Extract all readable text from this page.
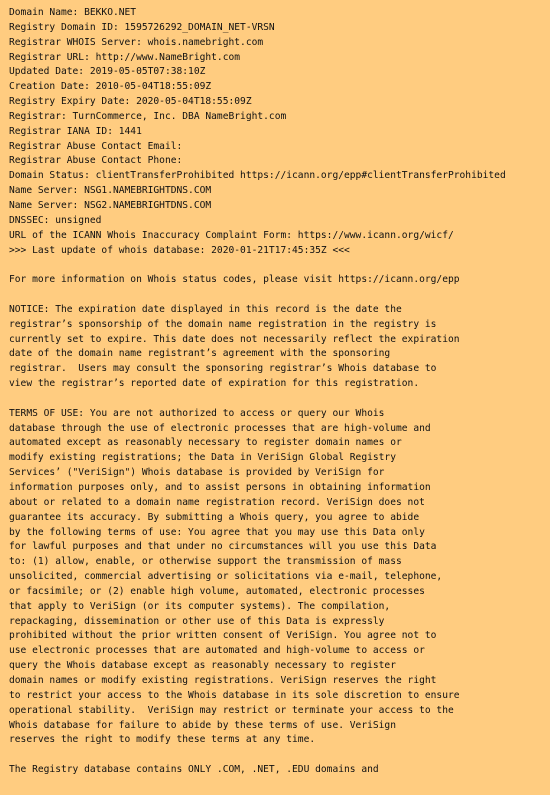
Domain Name: BEKKO.NET
Registry Domain ID: 1595726292_DOMAIN_NET-VRSN
Registrar WHOIS Server: whois.namebright.com
Registrar URL: http://www.NameBright.com
Updated Date: 2019-05-05T07:38:10Z
Creation Date: 2010-05-04T18:55:09Z
Registry Expiry Date: 2020-05-04T18:55:09Z
Registrar: TurnCommerce, Inc. DBA NameBright.com
Registrar IANA ID: 1441
Registrar Abuse Contact Email:
Registrar Abuse Contact Phone:
Domain Status: clientTransferProhibited https://icann.org/epp#clientTransferProhibited
Name Server: NSG1.NAMEBRIGHTDNS.COM
Name Server: NSG2.NAMEBRIGHTDNS.COM
DNSSEC: unsigned
URL of the ICANN Whois Inaccuracy Complaint Form: https://www.icann.org/wicf/
>>> Last update of whois database: 2020-01-21T17:45:35Z <<<
For more information on Whois status codes, please visit https://icann.org/epp
NOTICE: The expiration date displayed in this record is the date the
registrar’s sponsorship of the domain name registration in the registry is
currently set to expire. This date does not necessarily reflect the expiration
date of the domain name registrant’s agreement with the sponsoring
registrar.  Users may consult the sponsoring registrar’s Whois database to
view the registrar’s reported date of expiration for this registration.
TERMS OF USE: You are not authorized to access or query our Whois
database through the use of electronic processes that are high-volume and
automated except as reasonably necessary to register domain names or
modify existing registrations; the Data in VeriSign Global Registry
Services’ ("VeriSign") Whois database is provided by VeriSign for
information purposes only, and to assist persons in obtaining information
about or related to a domain name registration record. VeriSign does not
guarantee its accuracy. By submitting a Whois query, you agree to abide
by the following terms of use: You agree that you may use this Data only
for lawful purposes and that under no circumstances will you use this Data
to: (1) allow, enable, or otherwise support the transmission of mass
unsolicited, commercial advertising or solicitations via e-mail, telephone,
or facsimile; or (2) enable high volume, automated, electronic processes
that apply to VeriSign (or its computer systems). The compilation,
repackaging, dissemination or other use of this Data is expressly
prohibited without the prior written consent of VeriSign. You agree not to
use electronic processes that are automated and high-volume to access or
query the Whois database except as reasonably necessary to register
domain names or modify existing registrations. VeriSign reserves the right
to restrict your access to the Whois database in its sole discretion to ensure
operational stability.  VeriSign may restrict or terminate your access to the
Whois database for failure to abide by these terms of use. VeriSign
reserves the right to modify these terms at any time.
The Registry database contains ONLY .COM, .NET, .EDU domains and
